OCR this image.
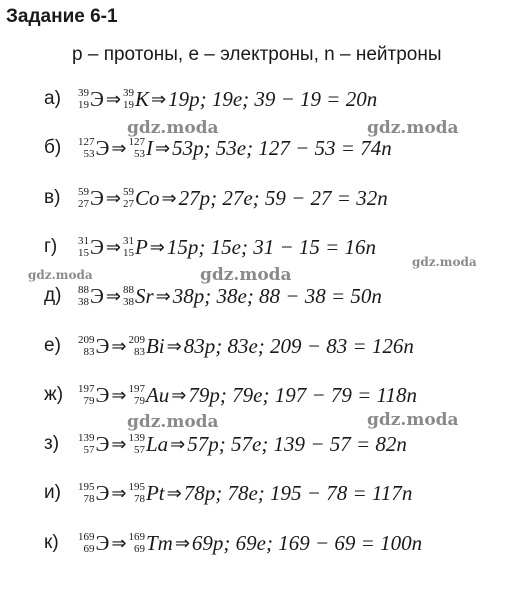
Задание 6-1
p – протоны, e – электроны, n – нейтроны
а) 39
19 Э ⇒ 39
19 K ⇒ 19p; 19e; 39 − 19 = 20n
б) 127
53 Э ⇒ 127
53 I ⇒ 53p; 53e; 127 − 53 = 74n
в) 59
27 Э ⇒ 59
27 Co ⇒ 27p; 27e; 59 − 27 = 32n
г) 31
15 Э ⇒ 31
15 P ⇒ 15p; 15e; 31 − 15 = 16n
д) 88
38 Э ⇒ 88
38 Sr ⇒ 38p; 38e; 88 − 38 = 50n
е) 209
83 Э ⇒ 209
83 Bi ⇒ 83p; 83e; 209 − 83 = 126n
ж) 197
79 Э ⇒ 197
79 Au ⇒ 79p; 79e; 197 − 79 = 118n
з) 139
57 Э ⇒ 139
57 La ⇒ 57p; 57e; 139 − 57 = 82n
и) 195
78 Э ⇒ 195
78 Pt ⇒ 78p; 78e; 195 − 78 = 117n
к) 169
69 Э ⇒ 169
69 Tm ⇒ 69p; 69e; 169 − 69 = 100n
gdz.moda	gdz.moda
gdz.moda
gdz.moda
gdz.moda
gdz.moda	gdz.moda
